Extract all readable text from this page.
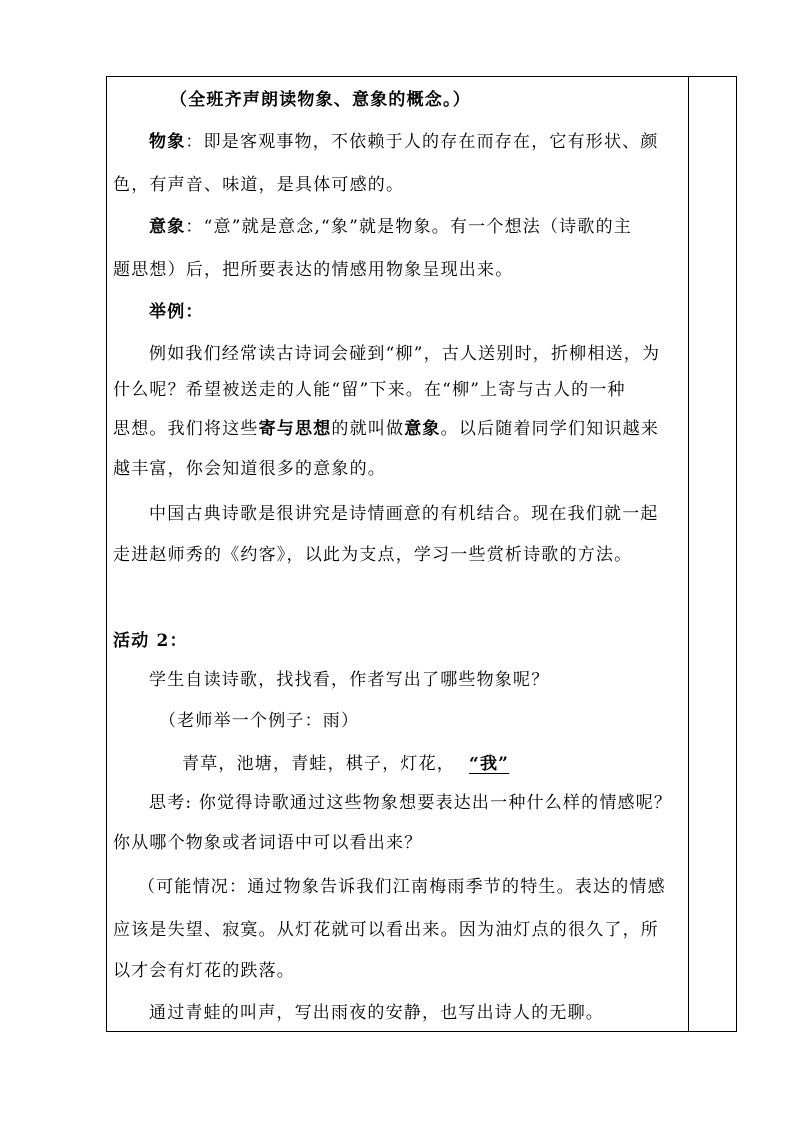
（全班齐声朗读物象、意象的概念。）
物象：即是客观事物，不依赖于人的存在而存在，它有形状、颜
色，有声音、味道，是具体可感的。
意象：“意”就是意念,“象”就是物象。有一个想法（诗歌的主
题思想）后，把所要表达的情感用物象呈现出来。
举例：
例如我们经常读古诗词会碰到“柳”，古人送别时，折柳相送，为
什么呢？希望被送走的人能“留”下来。在“柳”上寄与古人的一种
思想。我们将这些寄与思想的就叫做意象。以后随着同学们知识越来
越丰富，你会知道很多的意象的。
中国古典诗歌是很讲究是诗情画意的有机结合。现在我们就一起
走进赵师秀的《约客》，以此为支点，学习一些赏析诗歌的方法。
活动 2：
学生自读诗歌，找找看，作者写出了哪些物象呢？
（老师举一个例子：雨）
青草，池塘，青蛙，棋子，灯花， “我”
思考: 你觉得诗歌通过这些物象想要表达出一种什么样的情感呢？
你从哪个物象或者词语中可以看出来？
（可能情况：通过物象告诉我们江南梅雨季节的特生。表达的情感
应该是失望、寂寞。从灯花就可以看出来。因为油灯点的很久了，所
以才会有灯花的跌落。
通过青蛙的叫声，写出雨夜的安静，也写出诗人的无聊。
